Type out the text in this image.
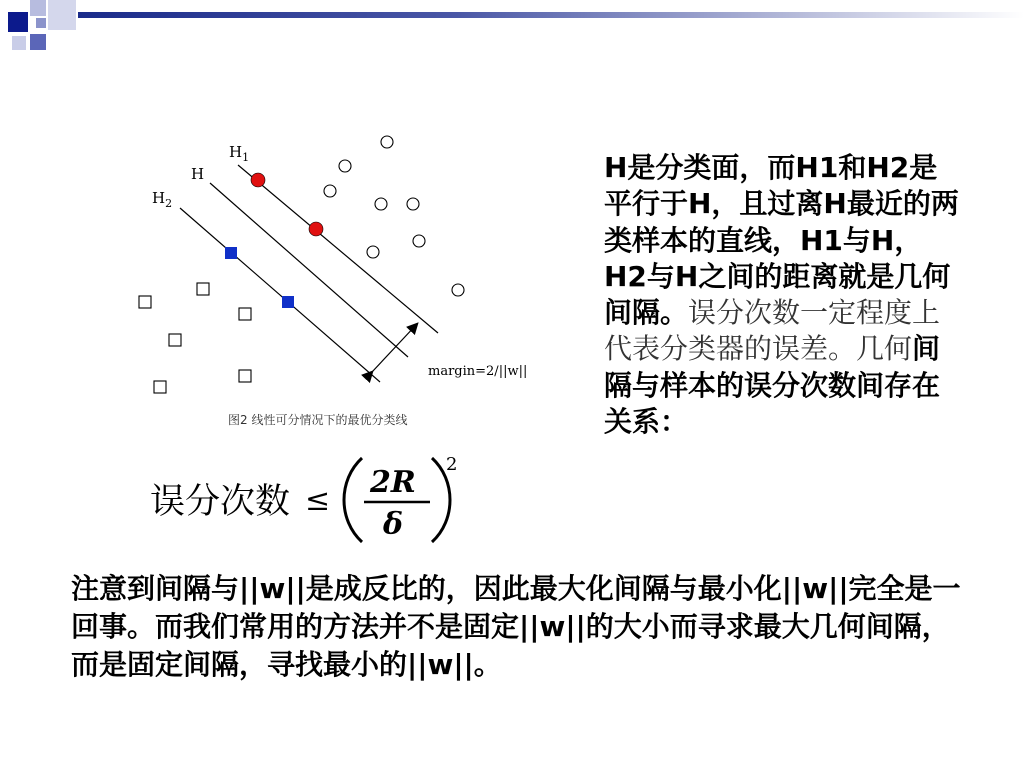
$H_1$
H
$H_2$
margin=2/||w||
图2 线性可分情况下的最优分类线
H是分类面，而H1和H2是平行于H，且过离H最近的两类样本的直线，H1与H，H2与H之间的距离就是几何间隔。误分次数一定程度上代表分类器的误差。几何间隔与样本的误分次数间存在关系：
误分次数 ≤
2R
δ
2
注意到间隔与||w||是成反比的，因此最大化间隔与最小化||w||完全是一回事。而我们常用的方法并不是固定||w||的大小而寻求最大几何间隔，而是固定间隔，寻找最小的||w||。
